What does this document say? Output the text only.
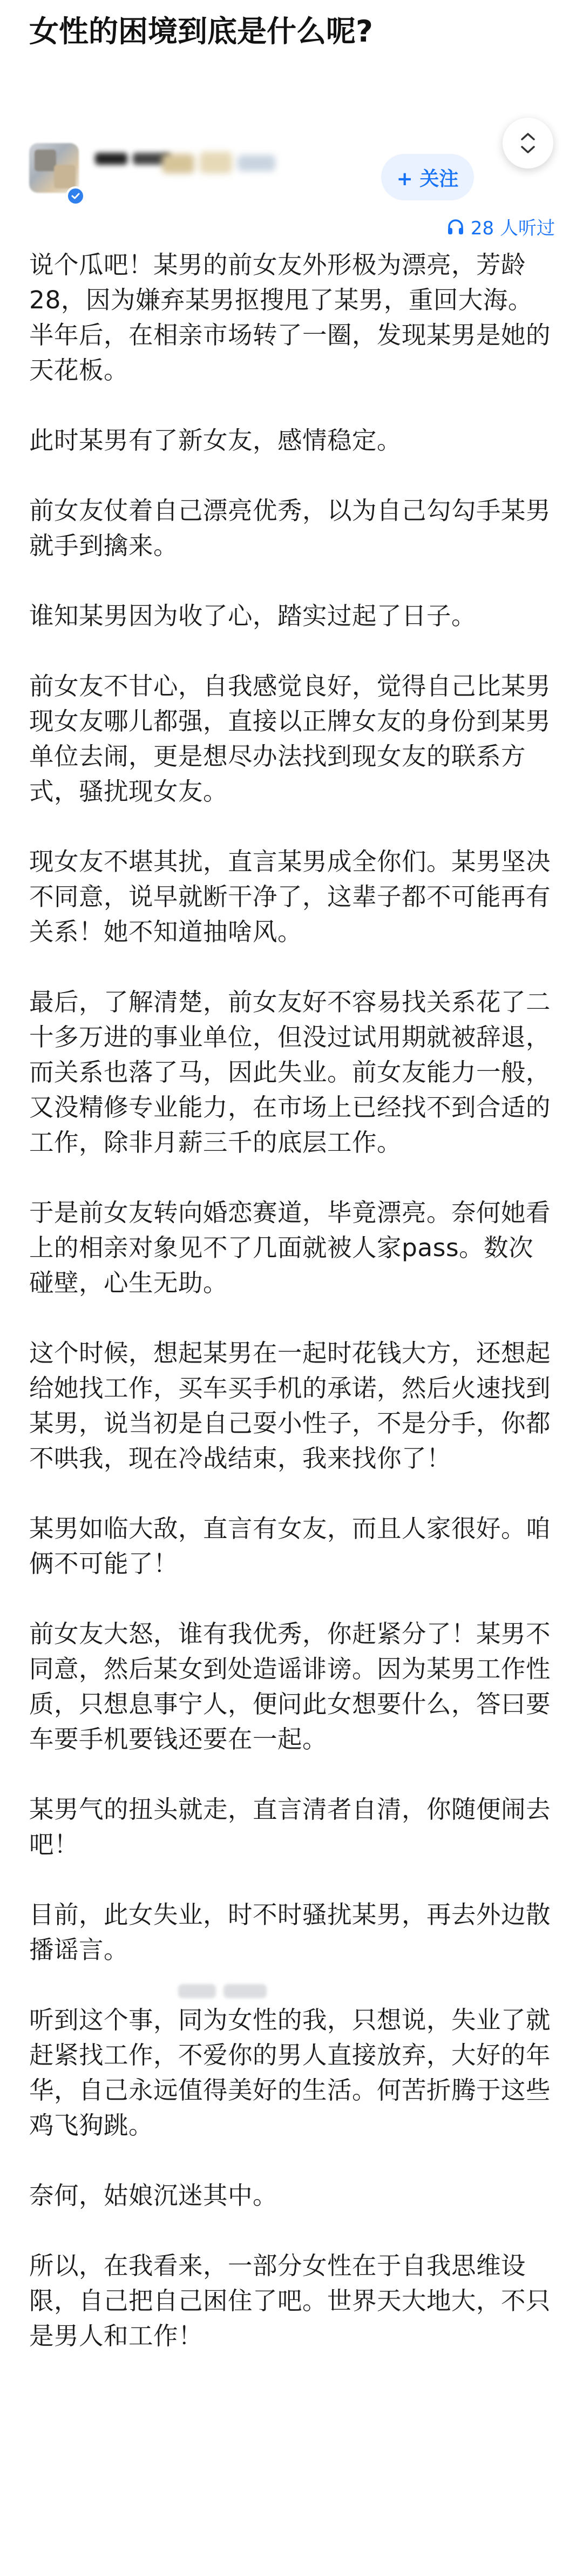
女性的困境到底是什么呢?
+ 关注
28 人听过

说个瓜吧！某男的前女友外形极为漂亮，芳龄28，因为嫌弃某男抠搜甩了某男，重回大海。半年后，在相亲市场转了一圈，发现某男是她的天花板。

此时某男有了新女友，感情稳定。

前女友仗着自己漂亮优秀，以为自己勾勾手某男就手到擒来。

谁知某男因为收了心，踏实过起了日子。

前女友不甘心，自我感觉良好，觉得自己比某男现女友哪儿都强，直接以正牌女友的身份到某男单位去闹，更是想尽办法找到现女友的联系方式，骚扰现女友。

现女友不堪其扰，直言某男成全你们。某男坚决不同意，说早就断干净了，这辈子都不可能再有关系！她不知道抽啥风。

最后，了解清楚，前女友好不容易找关系花了二十多万进的事业单位，但没过试用期就被辞退，而关系也落了马，因此失业。前女友能力一般，又没精修专业能力，在市场上已经找不到合适的工作，除非月薪三千的底层工作。

于是前女友转向婚恋赛道，毕竟漂亮。奈何她看上的相亲对象见不了几面就被人家pass。数次碰壁，心生无助。

这个时候，想起某男在一起时花钱大方，还想起给她找工作，买车买手机的承诺，然后火速找到某男，说当初是自己耍小性子，不是分手，你都不哄我，现在冷战结束，我来找你了！

某男如临大敌，直言有女友，而且人家很好。咱俩不可能了！

前女友大怒，谁有我优秀，你赶紧分了！某男不同意，然后某女到处造谣诽谤。因为某男工作性质，只想息事宁人，便问此女想要什么，答曰要车要手机要钱还要在一起。

某男气的扭头就走，直言清者自清，你随便闹去吧！

目前，此女失业，时不时骚扰某男，再去外边散播谣言。

听到这个事，同为女性的我，只想说，失业了就赶紧找工作，不爱你的男人直接放弃，大好的年华，自己永远值得美好的生活。何苦折腾于这些鸡飞狗跳。

奈何，姑娘沉迷其中。

所以，在我看来，一部分女性在于自我思维设限，自己把自己困住了吧。世界天大地大，不只是男人和工作！
